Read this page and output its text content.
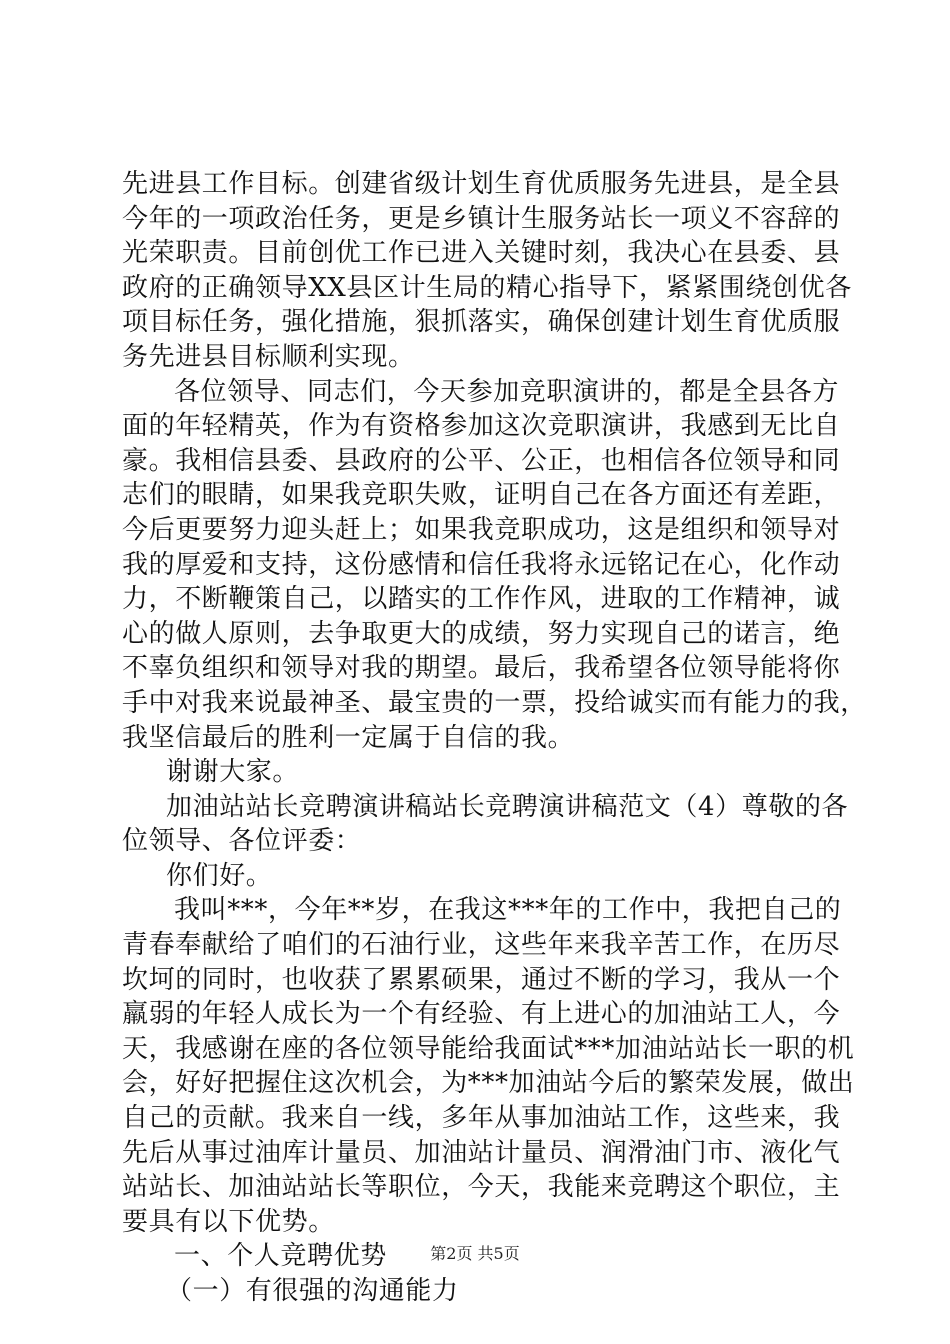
先进县工作目标。创建省级计划生育优质服务先进县，是全县
今年的一项政治任务，更是乡镇计生服务站长一项义不容辞的
光荣职责。目前创优工作已进入关键时刻，我决心在县委、县
政府的正确领导XX县区计生局的精心指导下，紧紧围绕创优各
项目标任务，强化措施，狠抓落实，确保创建计划生育优质服
务先进县目标顺利实现。
各位领导、同志们，今天参加竞职演讲的，都是全县各方
面的年轻精英，作为有资格参加这次竞职演讲，我感到无比自
豪。我相信县委、县政府的公平、公正，也相信各位领导和同
志们的眼睛，如果我竞职失败，证明自己在各方面还有差距，
今后更要努力迎头赶上；如果我竞职成功，这是组织和领导对
我的厚爱和支持，这份感情和信任我将永远铭记在心，化作动
力，不断鞭策自己，以踏实的工作作风，进取的工作精神，诚
心的做人原则，去争取更大的成绩，努力实现自己的诺言，绝
不辜负组织和领导对我的期望。最后，我希望各位领导能将你
手中对我来说最神圣、最宝贵的一票，投给诚实而有能力的我，
我坚信最后的胜利一定属于自信的我。
谢谢大家。
加油站站长竞聘演讲稿站长竞聘演讲稿范文（4）尊敬的各
位领导、各位评委：
你们好。
我叫***，今年**岁，在我这***年的工作中，我把自己的
青春奉献给了咱们的石油行业，这些年来我辛苦工作，在历尽
坎坷的同时，也收获了累累硕果，通过不断的学习，我从一个
羸弱的年轻人成长为一个有经验、有上进心的加油站工人，今
天，我感谢在座的各位领导能给我面试***加油站站长一职的机
会，好好把握住这次机会，为***加油站今后的繁荣发展，做出
自己的贡献。我来自一线，多年从事加油站工作，这些来，我
先后从事过油库计量员、加油站计量员、润滑油门市、液化气
站站长、加油站站长等职位，今天，我能来竞聘这个职位，主
要具有以下优势。
一、个人竞聘优势
（一）有很强的沟通能力
第2页 共5页
